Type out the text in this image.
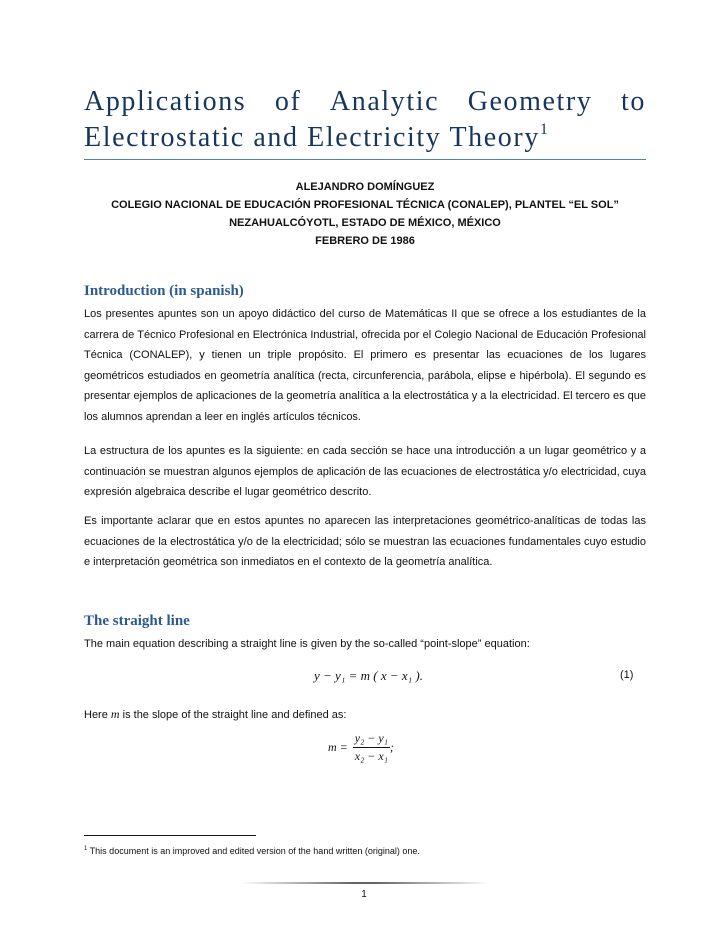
Applications of Analytic Geometry to
Electrostatic and Electricity Theory$^1$
ALEJANDRO DOMÍNGUEZ
COLEGIO NACIONAL DE EDUCACIÓN PROFESIONAL TÉCNICA (CONALEP), PLANTEL “EL SOL”
NEZAHUALCÓYOTL, ESTADO DE MÉXICO, MÉXICO
FEBRERO DE 1986
Introduction (in spanish)

Los presentes apuntes son un apoyo didáctico del curso de Matemáticas II que se ofrece a los estudiantes de la carrera de Técnico Profesional en Electrónica Industrial, ofrecida por el Colegio Nacional de Educación Profesional Técnica (CONALEP), y tienen un triple propósito. El primero es presentar las ecuaciones de los lugares geométricos estudiados en geometría analítica (recta, circunferencia, parábola, elipse e hipérbola). El segundo es presentar ejemplos de aplicaciones de la geometría analítica a la electrostática y a la electricidad. El tercero es que los alumnos aprendan a leer en inglés artículos técnicos.

La estructura de los apuntes es la siguiente: en cada sección se hace una introducción a un lugar geométrico y a continuación se muestran algunos ejemplos de aplicación de las ecuaciones de electrostática y/o electricidad, cuya expresión algebraica describe el lugar geométrico descrito.

Es importante aclarar que en estos apuntes no aparecen las interpretaciones geométrico-analíticas de todas las ecuaciones de la electrostática y/o de la electricidad; sólo se muestran las ecuaciones fundamentales cuyo estudio e interpretación geométrica son inmediatos en el contexto de la geometría analítica.

The straight line

The main equation describing a straight line is given by the so-called “point-slope” equation:

y − y₁ = m ( x − x₁ ).	(1)

Here m is the slope of the straight line and defined as:

$m = \frac{\text{y₂ − y₁}}{\text{x₂ − x₁}}$ ;
$^1$ This document is an improved and edited version of the hand written (original) one.
1
